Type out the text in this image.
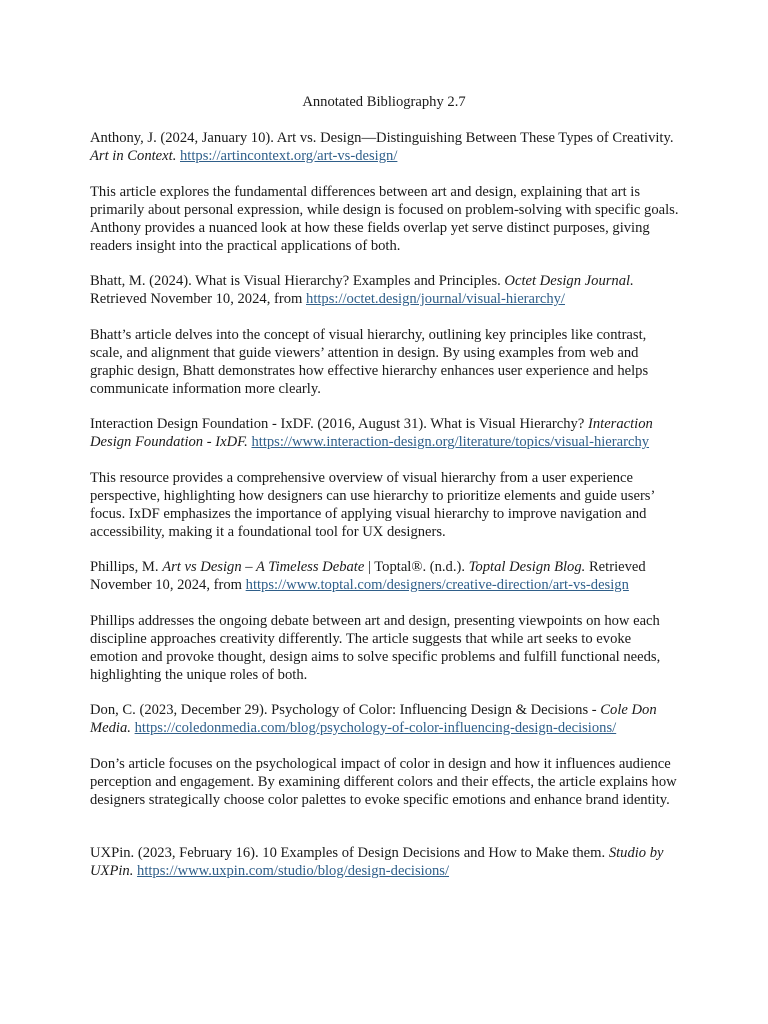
Annotated Bibliography 2.7

Anthony, J. (2024, January 10). Art vs. Design—Distinguishing Between These Types of Creativity. Art in Context. https://artincontext.org/art-vs-design/

This article explores the fundamental differences between art and design, explaining that art is primarily about personal expression, while design is focused on problem-solving with specific goals. Anthony provides a nuanced look at how these fields overlap yet serve distinct purposes, giving readers insight into the practical applications of both.

Bhatt, M. (2024). What is Visual Hierarchy? Examples and Principles. Octet Design Journal. Retrieved November 10, 2024, from https://octet.design/journal/visual-hierarchy/

Bhatt’s article delves into the concept of visual hierarchy, outlining key principles like contrast, scale, and alignment that guide viewers’ attention in design. By using examples from web and graphic design, Bhatt demonstrates how effective hierarchy enhances user experience and helps communicate information more clearly.

Interaction Design Foundation - IxDF. (2016, August 31). What is Visual Hierarchy? Interaction Design Foundation - IxDF. https://www.interaction-design.org/literature/topics/visual-hierarchy

This resource provides a comprehensive overview of visual hierarchy from a user experience perspective, highlighting how designers can use hierarchy to prioritize elements and guide users’ focus. IxDF emphasizes the importance of applying visual hierarchy to improve navigation and accessibility, making it a foundational tool for UX designers.

Phillips, M. Art vs Design – A Timeless Debate | Toptal®. (n.d.). Toptal Design Blog. Retrieved November 10, 2024, from https://www.toptal.com/designers/creative-direction/art-vs-design

Phillips addresses the ongoing debate between art and design, presenting viewpoints on how each discipline approaches creativity differently. The article suggests that while art seeks to evoke emotion and provoke thought, design aims to solve specific problems and fulfill functional needs, highlighting the unique roles of both.

Don, C. (2023, December 29). Psychology of Color: Influencing Design & Decisions - Cole Don Media. https://coledonmedia.com/blog/psychology-of-color-influencing-design-decisions/

Don’s article focuses on the psychological impact of color in design and how it influences audience perception and engagement. By examining different colors and their effects, the article explains how designers strategically choose color palettes to evoke specific emotions and enhance brand identity.

UXPin. (2023, February 16). 10 Examples of Design Decisions and How to Make them. Studio by UXPin. https://www.uxpin.com/studio/blog/design-decisions/
